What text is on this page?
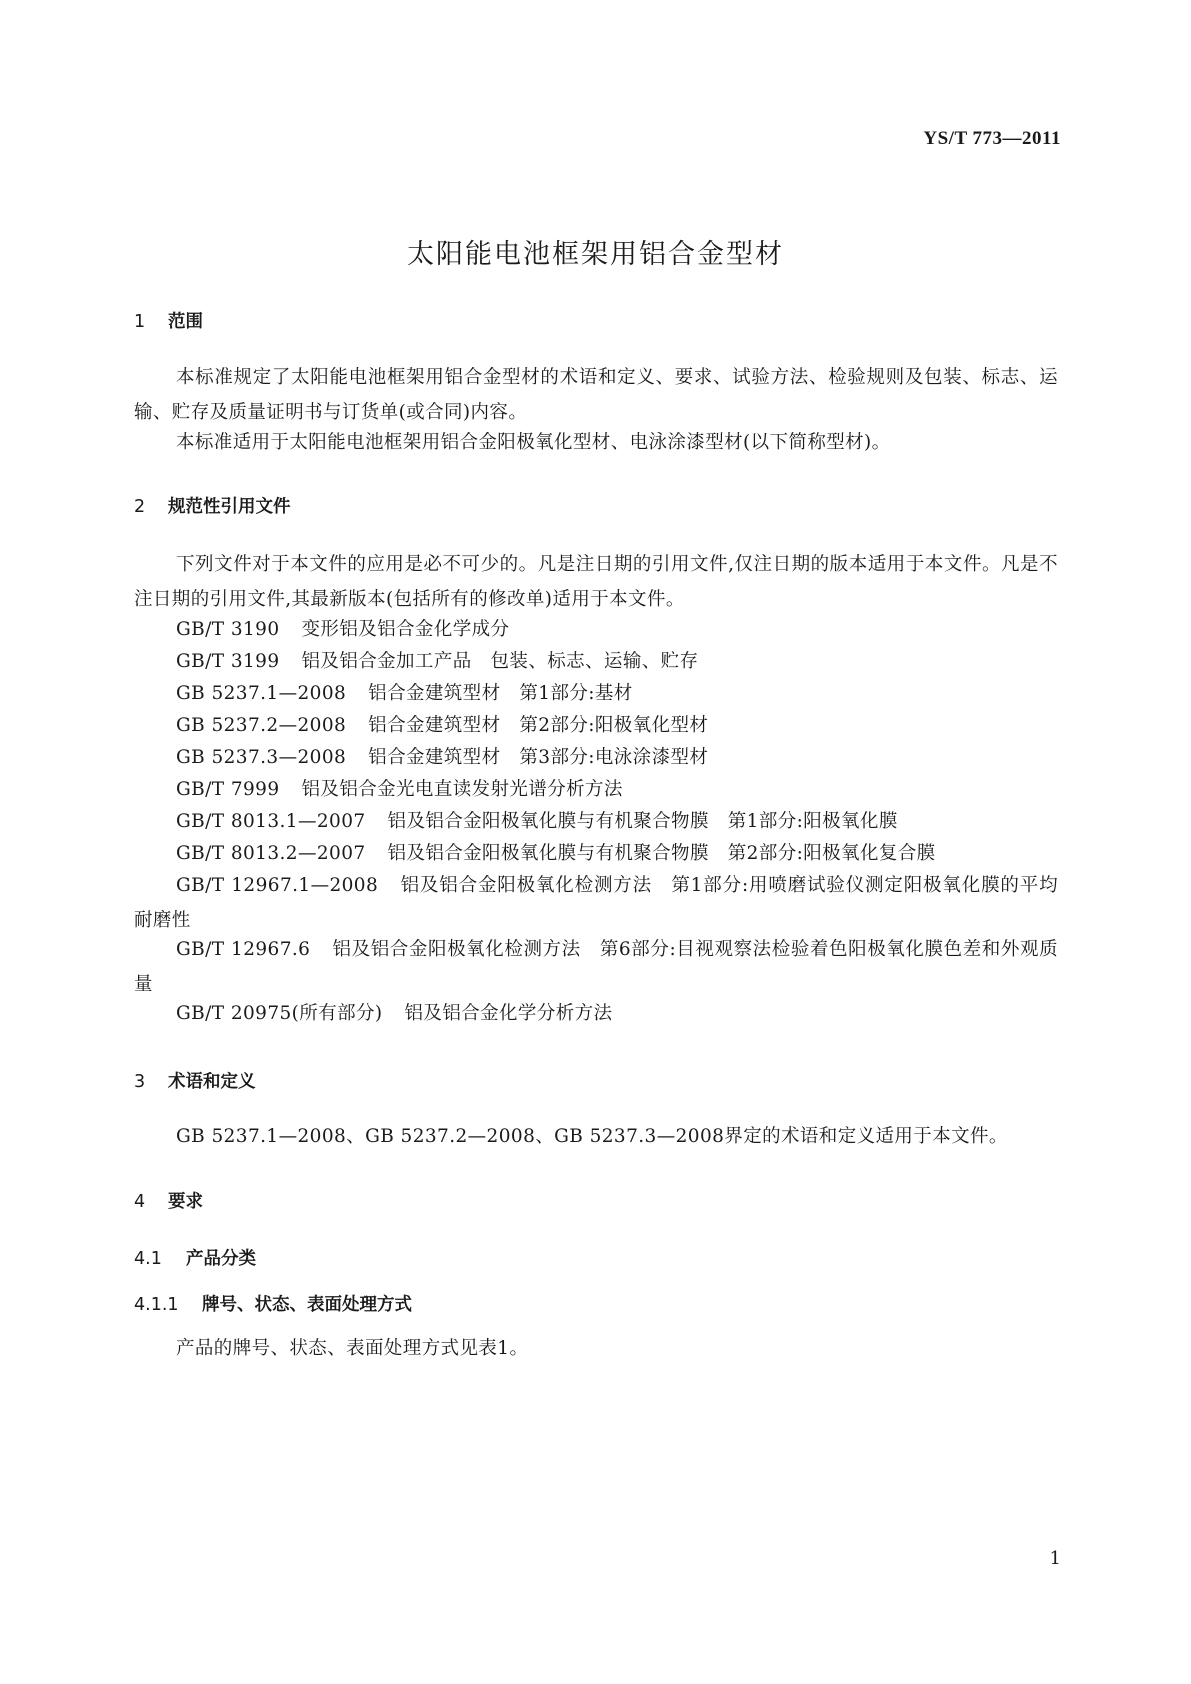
YS/T 773—2011
太阳能电池框架用铝合金型材
1 范围
本标准规定了太阳能电池框架用铝合金型材的术语和定义、要求、试验方法、检验规则及包装、标志、运输、贮存及质量证明书与订货单(或合同)内容。
本标准适用于太阳能电池框架用铝合金阳极氧化型材、电泳涂漆型材(以下简称型材)。
2 规范性引用文件
下列文件对于本文件的应用是必不可少的。凡是注日期的引用文件,仅注日期的版本适用于本文件。凡是不注日期的引用文件,其最新版本(包括所有的修改单)适用于本文件。
GB/T 3190 变形铝及铝合金化学成分
GB/T 3199 铝及铝合金加工产品　包装、标志、运输、贮存
GB 5237.1—2008 铝合金建筑型材　第1部分:基材
GB 5237.2—2008 铝合金建筑型材　第2部分:阳极氧化型材
GB 5237.3—2008 铝合金建筑型材　第3部分:电泳涂漆型材
GB/T 7999 铝及铝合金光电直读发射光谱分析方法
GB/T 8013.1—2007 铝及铝合金阳极氧化膜与有机聚合物膜　第1部分:阳极氧化膜
GB/T 8013.2—2007 铝及铝合金阳极氧化膜与有机聚合物膜　第2部分:阳极氧化复合膜
GB/T 12967.1—2008 铝及铝合金阳极氧化检测方法　第1部分:用喷磨试验仪测定阳极氧化膜的平均耐磨性
GB/T 12967.6 铝及铝合金阳极氧化检测方法　第6部分:目视观察法检验着色阳极氧化膜色差和外观质量
GB/T 20975(所有部分) 铝及铝合金化学分析方法
3 术语和定义
GB 5237.1—2008、GB 5237.2—2008、GB 5237.3—2008界定的术语和定义适用于本文件。
4 要求
4.1 产品分类
4.1.1 牌号、状态、表面处理方式
产品的牌号、状态、表面处理方式见表1。
1
